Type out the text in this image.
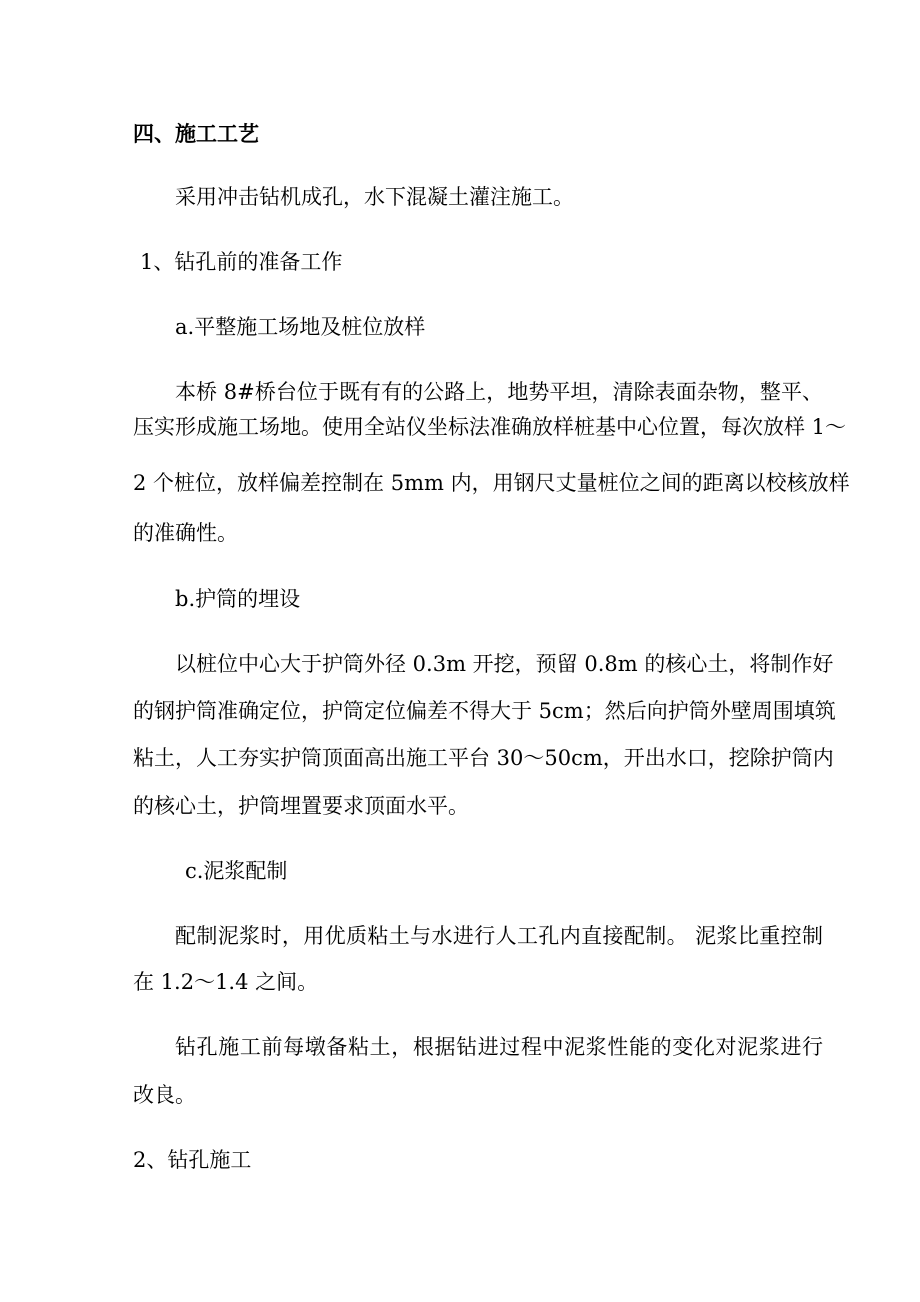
四、施工工艺
采用冲击钻机成孔，水下混凝土灌注施工。
1、钻孔前的准备工作
a.平整施工场地及桩位放样
本桥 8#桥台位于既有有的公路上，地势平坦，清除表面杂物，整平、
压实形成施工场地。使用全站仪坐标法准确放样桩基中心位置，每次放样 1～
2 个桩位，放样偏差控制在 5mm 内，用钢尺丈量桩位之间的距离以校核放样
的准确性。
b.护筒的埋设
以桩位中心大于护筒外径 0.3m 开挖，预留 0.8m 的核心土，将制作好
的钢护筒准确定位，护筒定位偏差不得大于 5cm；然后向护筒外壁周围填筑
粘土，人工夯实护筒顶面高出施工平台 30～50cm，开出水口，挖除护筒内
的核心土，护筒埋置要求顶面水平。
c.泥浆配制
配制泥浆时，用优质粘土与水进行人工孔内直接配制。 泥浆比重控制
在 1.2～1.4 之间。
钻孔施工前每墩备粘土，根据钻进过程中泥浆性能的变化对泥浆进行
改良。
2、钻孔施工
